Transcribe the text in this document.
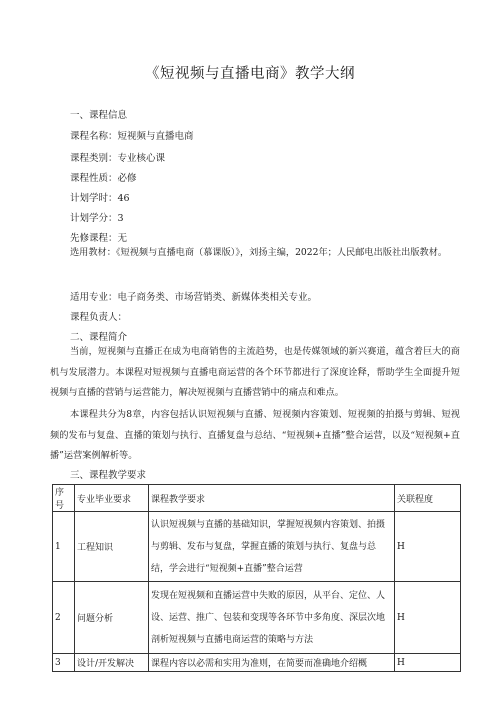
《短视频与直播电商》教学大纲
一、课程信息
课程名称：短视频与直播电商
课程类别：专业核心课
课程性质：必修
计划学时：46
计划学分：3
先修课程：无

选用教材：《短视频与直播电商（慕课版）》，刘扬主编，2022年；人民邮电出版社出版教材。

适用专业：电子商务类、市场营销类、新媒体类相关专业。
课程负责人：
二、课程简介

当前，短视频与直播正在成为电商销售的主流趋势，也是传媒领域的新兴赛道，蕴含着巨大的商机与发展潜力。本课程对短视频与直播电商运营的各个环节都进行了深度诠释，帮助学生全面提升短视频与直播的营销与运营能力，解决短视频与直播营销中的痛点和难点。

本课程共分为8章，内容包括认识短视频与直播、短视频内容策划、短视频的拍摄与剪辑、短视频的发布与复盘、直播的策划与执行、直播复盘与总结、“短视频+直播”整合运营，以及“短视频+直播”运营案例解析等。

三、课程教学要求
序号	专业毕业要求	课程教学要求	关联程度
1	工程知识	认识短视频与直播的基础知识，掌握短视频内容策划、拍摄与剪辑、发布与复盘，掌握直播的策划与执行、复盘与总结，学会进行“短视频+直播”整合运营	H
2	问题分析	发现在短视频和直播运营中失败的原因，从平台、定位、人设、运营、推广、包装和变现等各环节中多角度、深层次地剖析短视频与直播电商运营的策略与方法	H
3	设计/开发解决	课程内容以必需和实用为准则，在简要而准确地介绍概	H
